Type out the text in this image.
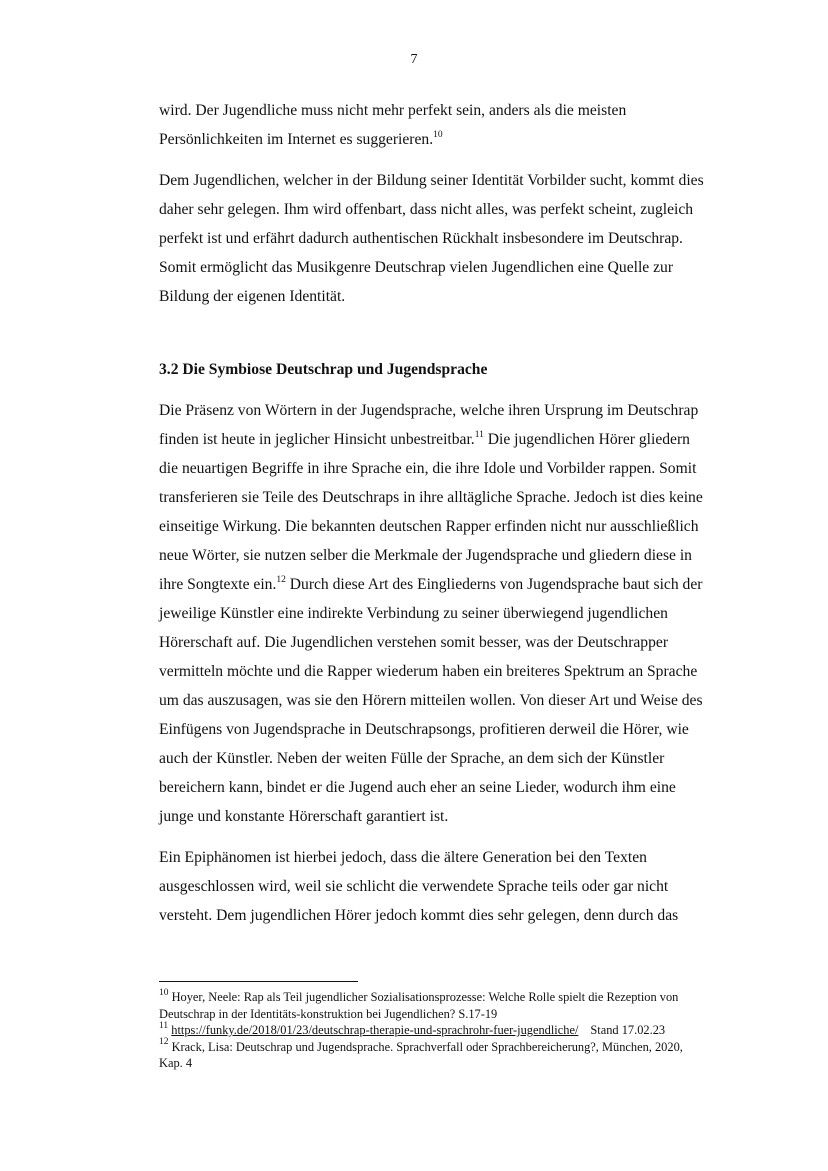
7

wird. Der Jugendliche muss nicht mehr perfekt sein, anders als die meisten
Persönlichkeiten im Internet es suggerieren.$^{10}$

Dem Jugendlichen, welcher in der Bildung seiner Identität Vorbilder sucht, kommt dies
daher sehr gelegen. Ihm wird offenbart, dass nicht alles, was perfekt scheint, zugleich
perfekt ist und erfährt dadurch authentischen Rückhalt insbesondere im Deutschrap.
Somit ermöglicht das Musikgenre Deutschrap vielen Jugendlichen eine Quelle zur
Bildung der eigenen Identität.

3.2 Die Symbiose Deutschrap und Jugendsprache

Die Präsenz von Wörtern in der Jugendsprache, welche ihren Ursprung im Deutschrap
finden ist heute in jeglicher Hinsicht unbestreitbar.$^{11}$ Die jugendlichen Hörer gliedern
die neuartigen Begriffe in ihre Sprache ein, die ihre Idole und Vorbilder rappen. Somit
transferieren sie Teile des Deutschraps in ihre alltägliche Sprache. Jedoch ist dies keine
einseitige Wirkung. Die bekannten deutschen Rapper erfinden nicht nur ausschließlich
neue Wörter, sie nutzen selber die Merkmale der Jugendsprache und gliedern diese in
ihre Songtexte ein.$^{12}$ Durch diese Art des Eingliederns von Jugendsprache baut sich der
jeweilige Künstler eine indirekte Verbindung zu seiner überwiegend jugendlichen
Hörerschaft auf. Die Jugendlichen verstehen somit besser, was der Deutschrapper
vermitteln möchte und die Rapper wiederum haben ein breiteres Spektrum an Sprache
um das auszusagen, was sie den Hörern mitteilen wollen. Von dieser Art und Weise des
Einfügens von Jugendsprache in Deutschrapsongs, profitieren derweil die Hörer, wie
auch der Künstler. Neben der weiten Fülle der Sprache, an dem sich der Künstler
bereichern kann, bindet er die Jugend auch eher an seine Lieder, wodurch ihm eine
junge und konstante Hörerschaft garantiert ist.

Ein Epiphänomen ist hierbei jedoch, dass die ältere Generation bei den Texten
ausgeschlossen wird, weil sie schlicht die verwendete Sprache teils oder gar nicht
versteht. Dem jugendlichen Hörer jedoch kommt dies sehr gelegen, denn durch das

$^{10}$ Hoyer, Neele: Rap als Teil jugendlicher Sozialisationsprozesse: Welche Rolle spielt die Rezeption von
Deutschrap in der Identitäts-konstruktion bei Jugendlichen? S.17-19

$^{11}$ https://funky.de/2018/01/23/deutschrap-therapie-und-sprachrohr-fuer-jugendliche/ Stand 17.02.23

$^{12}$ Krack, Lisa: Deutschrap und Jugendsprache. Sprachverfall oder Sprachbereicherung?, München, 2020,
Kap. 4
